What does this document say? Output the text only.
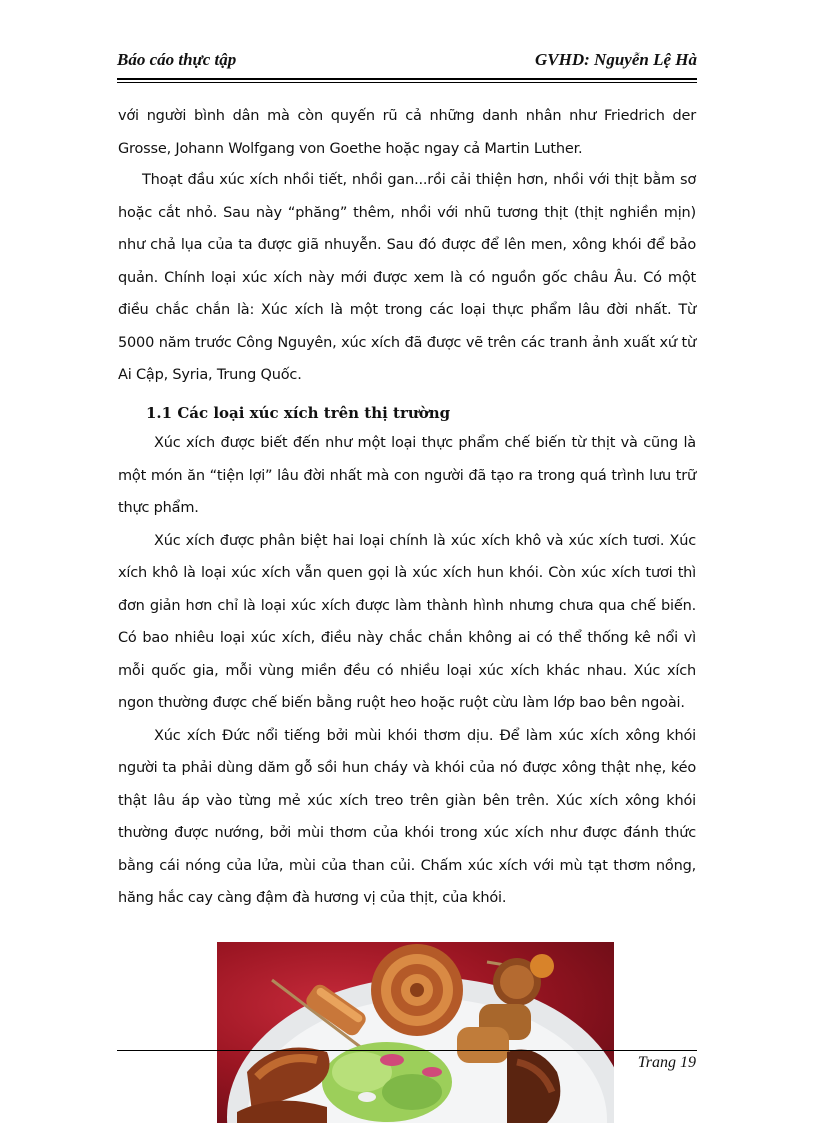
Báo cáo thực tập	GVHD: Nguyễn Lệ Hà

với người bình dân mà còn quyến rũ cả những danh nhân như Friedrich der Grosse, Johann Wolfgang von Goethe hoặc ngay cả Martin Luther.

Thoạt đầu xúc xích nhồi tiết, nhồi gan...rồi cải thiện hơn, nhồi với thịt bằm sơ hoặc cắt nhỏ. Sau này “phăng” thêm, nhồi với nhũ tương thịt (thịt nghiền mịn) như chả lụa của ta được giã nhuyễn. Sau đó được để lên men, xông khói để bảo quản. Chính loại xúc xích này mới được xem là có nguồn gốc châu Âu. Có một điều chắc chắn là: Xúc xích là một trong các loại thực phẩm lâu đời nhất. Từ 5000 năm trước Công Nguyên, xúc xích đã được vẽ trên các tranh ảnh xuất xứ từ Ai Cập, Syria, Trung Quốc.

1.1 Các loại xúc xích trên thị trường

Xúc xích được biết đến như một loại thực phẩm chế biến từ thịt và cũng là một món ăn “tiện lợi” lâu đời nhất mà con người đã tạo ra trong quá trình lưu trữ thực phẩm.

Xúc xích được phân biệt hai loại chính là xúc xích khô và xúc xích tươi. Xúc xích khô là loại xúc xích vẫn quen gọi là xúc xích hun khói. Còn xúc xích tươi thì đơn giản hơn chỉ là loại xúc xích được làm thành hình nhưng chưa qua chế biến. Có bao nhiêu loại xúc xích, điều này chắc chắn không ai có thể thống kê nổi vì mỗi quốc gia, mỗi vùng miền đều có nhiều loại xúc xích khác nhau. Xúc xích ngon thường được chế biến bằng ruột heo hoặc ruột cừu làm lớp bao bên ngoài.

Xúc xích Đức nổi tiếng bởi mùi khói thơm dịu. Để làm xúc xích xông khói người ta phải dùng dăm gỗ sồi hun cháy và khói của nó được xông thật nhẹ, kéo thật lâu áp vào từng mẻ xúc xích treo trên giàn bên trên. Xúc xích xông khói thường được nướng, bởi mùi thơm của khói trong xúc xích như được đánh thức bằng cái nóng của lửa, mùi của than củi. Chấm xúc xích với mù tạt thơm nồng, hăng hắc cay càng đậm đà hương vị của thịt, của khói.

Trang 19
